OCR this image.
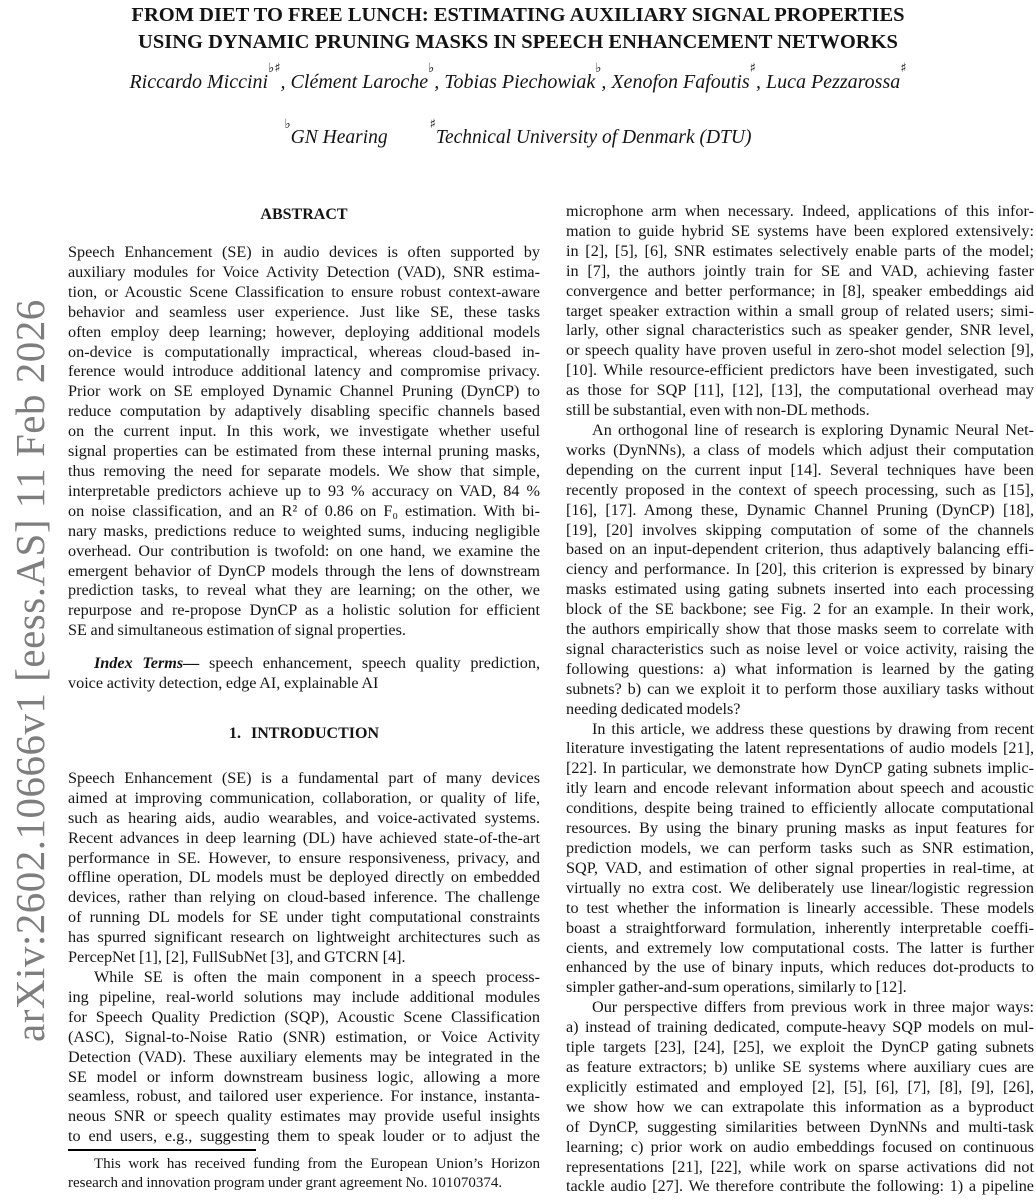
arXiv:2602.10666v1 [eess.AS] 11 Feb 2026
FROM DIET TO FREE LUNCH: ESTIMATING AUXILIARY SIGNAL PROPERTIES
USING DYNAMIC PRUNING MASKS IN SPEECH ENHANCEMENT NETWORKS
Riccardo Miccini♭♯, Clément Laroche♭, Tobias Piechowiak♭, Xenofon Fafoutis♯, Luca Pezzarossa♯
♭GN Hearing♯Technical University of Denmark (DTU)
ABSTRACT
Speech Enhancement (SE) in audio devices is often supported by
auxiliary modules for Voice Activity Detection (VAD), SNR estima-
tion, or Acoustic Scene Classification to ensure robust context-aware
behavior and seamless user experience. Just like SE, these tasks
often employ deep learning; however, deploying additional models
on-device is computationally impractical, whereas cloud-based in-
ference would introduce additional latency and compromise privacy.
Prior work on SE employed Dynamic Channel Pruning (DynCP) to
reduce computation by adaptively disabling specific channels based
on the current input. In this work, we investigate whether useful
signal properties can be estimated from these internal pruning masks,
thus removing the need for separate models. We show that simple,
interpretable predictors achieve up to 93 % accuracy on VAD, 84 %
on noise classification, and an R² of 0.86 on F₀ estimation. With bi-
nary masks, predictions reduce to weighted sums, inducing negligible
overhead. Our contribution is twofold: on one hand, we examine the
emergent behavior of DynCP models through the lens of downstream
prediction tasks, to reveal what they are learning; on the other, we
repurpose and re-propose DynCP as a holistic solution for efficient
SE and simultaneous estimation of signal properties.
Index Terms— speech enhancement, speech quality prediction,
voice activity detection, edge AI, explainable AI
1. INTRODUCTION
Speech Enhancement (SE) is a fundamental part of many devices
aimed at improving communication, collaboration, or quality of life,
such as hearing aids, audio wearables, and voice-activated systems.
Recent advances in deep learning (DL) have achieved state-of-the-art
performance in SE. However, to ensure responsiveness, privacy, and
offline operation, DL models must be deployed directly on embedded
devices, rather than relying on cloud-based inference. The challenge
of running DL models for SE under tight computational constraints
has spurred significant research on lightweight architectures such as
PercepNet [1], [2], FullSubNet [3], and GTCRN [4].
While SE is often the main component in a speech process-
ing pipeline, real-world solutions may include additional modules
for Speech Quality Prediction (SQP), Acoustic Scene Classification
(ASC), Signal-to-Noise Ratio (SNR) estimation, or Voice Activity
Detection (VAD). These auxiliary elements may be integrated in the
SE model or inform downstream business logic, allowing a more
seamless, robust, and tailored user experience. For instance, instanta-
neous SNR or speech quality estimates may provide useful insights
to end users, e.g., suggesting them to speak louder or to adjust the
This work has received funding from the European Union’s Horizon
research and innovation program under grant agreement No. 101070374.
microphone arm when necessary. Indeed, applications of this infor-
mation to guide hybrid SE systems have been explored extensively:
in [2], [5], [6], SNR estimates selectively enable parts of the model;
in [7], the authors jointly train for SE and VAD, achieving faster
convergence and better performance; in [8], speaker embeddings aid
target speaker extraction within a small group of related users; simi-
larly, other signal characteristics such as speaker gender, SNR level,
or speech quality have proven useful in zero-shot model selection [9],
[10]. While resource-efficient predictors have been investigated, such
as those for SQP [11], [12], [13], the computational overhead may
still be substantial, even with non-DL methods.
An orthogonal line of research is exploring Dynamic Neural Net-
works (DynNNs), a class of models which adjust their computation
depending on the current input [14]. Several techniques have been
recently proposed in the context of speech processing, such as [15],
[16], [17]. Among these, Dynamic Channel Pruning (DynCP) [18],
[19], [20] involves skipping computation of some of the channels
based on an input-dependent criterion, thus adaptively balancing effi-
ciency and performance. In [20], this criterion is expressed by binary
masks estimated using gating subnets inserted into each processing
block of the SE backbone; see Fig. 2 for an example. In their work,
the authors empirically show that those masks seem to correlate with
signal characteristics such as noise level or voice activity, raising the
following questions: a) what information is learned by the gating
subnets? b) can we exploit it to perform those auxiliary tasks without
needing dedicated models?
In this article, we address these questions by drawing from recent
literature investigating the latent representations of audio models [21],
[22]. In particular, we demonstrate how DynCP gating subnets implic-
itly learn and encode relevant information about speech and acoustic
conditions, despite being trained to efficiently allocate computational
resources. By using the binary pruning masks as input features for
prediction models, we can perform tasks such as SNR estimation,
SQP, VAD, and estimation of other signal properties in real-time, at
virtually no extra cost. We deliberately use linear/logistic regression
to test whether the information is linearly accessible. These models
boast a straightforward formulation, inherently interpretable coeffi-
cients, and extremely low computational costs. The latter is further
enhanced by the use of binary inputs, which reduces dot-products to
simpler gather-and-sum operations, similarly to [12].
Our perspective differs from previous work in three major ways:
a) instead of training dedicated, compute-heavy SQP models on mul-
tiple targets [23], [24], [25], we exploit the DynCP gating subnets
as feature extractors; b) unlike SE systems where auxiliary cues are
explicitly estimated and employed [2], [5], [6], [7], [8], [9], [26],
we show how we can extrapolate this information as a byproduct
of DynCP, suggesting similarities between DynNNs and multi-task
learning; c) prior work on audio embeddings focused on continuous
representations [21], [22], while work on sparse activations did not
tackle audio [27]. We therefore contribute the following: 1) a pipeline
